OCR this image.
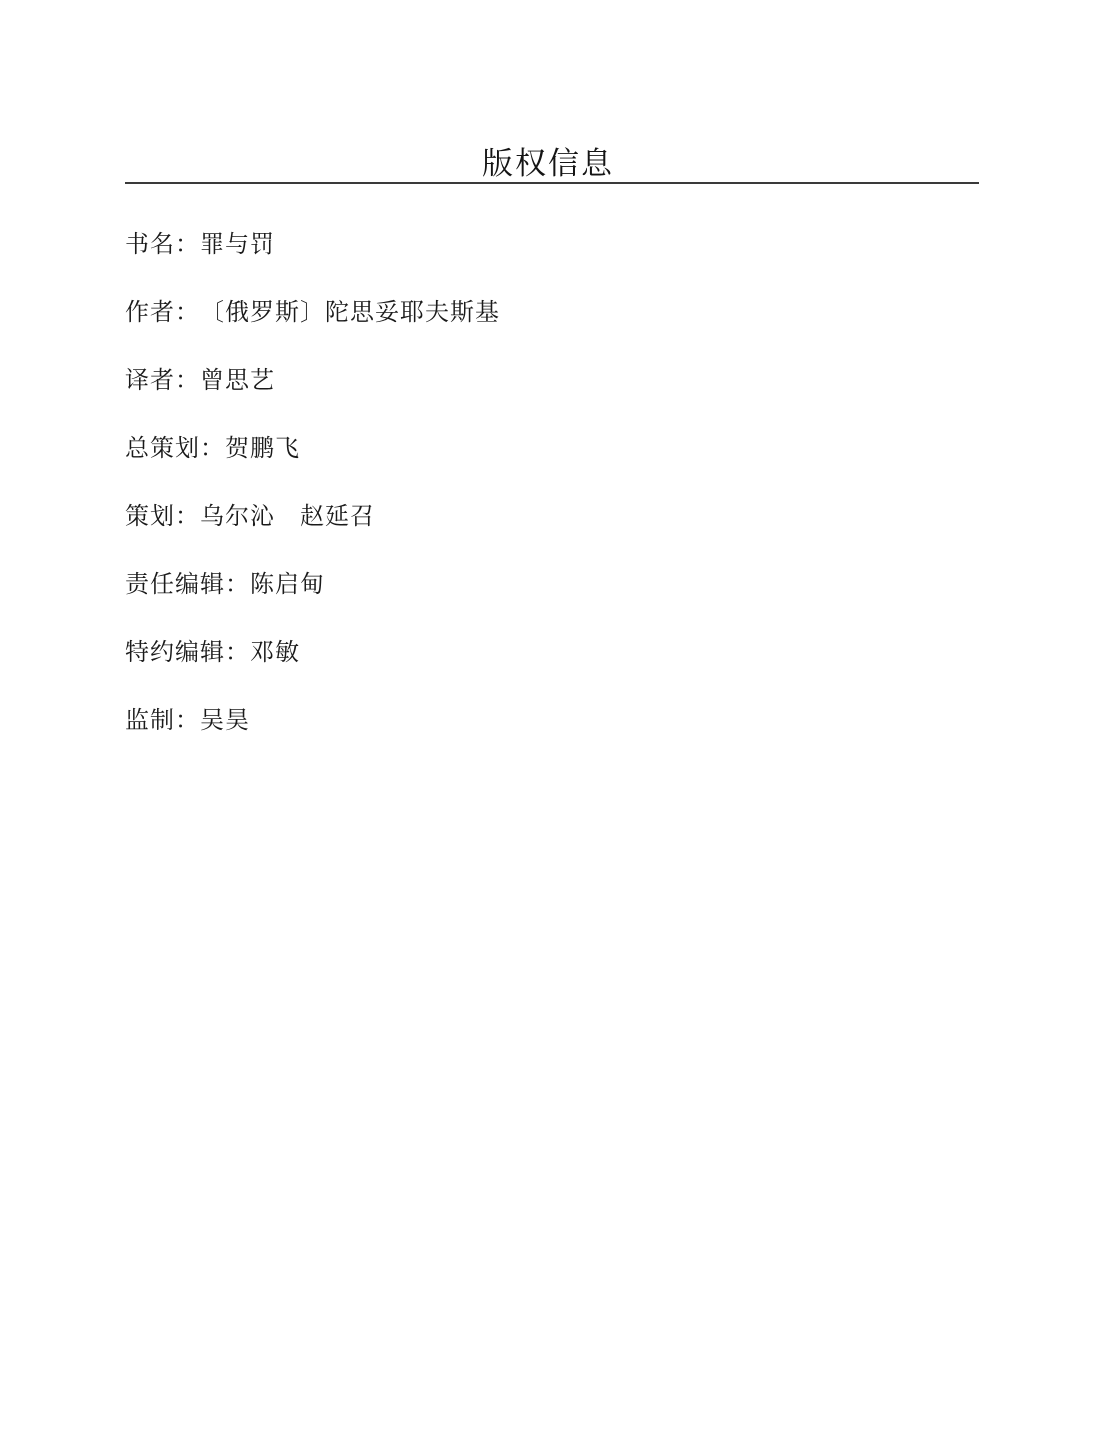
版权信息
书名： 罪与罚
作者： 〔俄罗斯〕陀思妥耶夫斯基
译者： 曾思艺
总策划： 贺鹏飞
策划： 乌尔沁　赵延召
责任编辑： 陈启甸
特约编辑： 邓敏
监制： 吴昊
